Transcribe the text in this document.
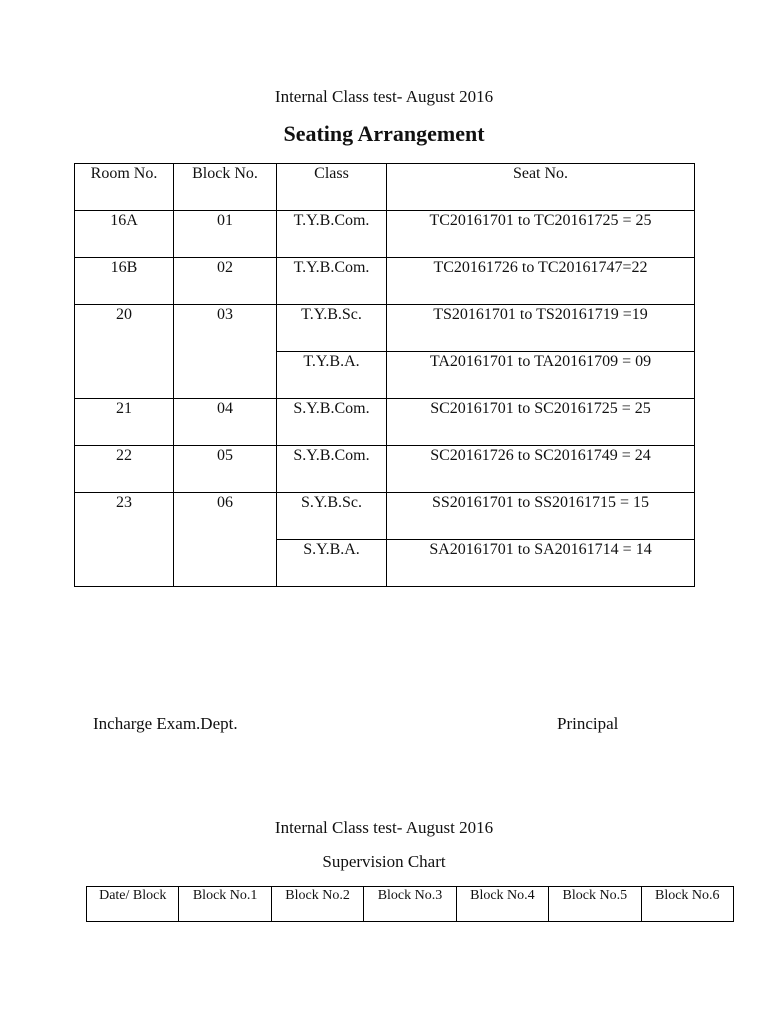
Internal Class test- August 2016
Seating Arrangement
Room No.	Block No.	Class	Seat No.
16A	01	T.Y.B.Com.	TC20161701 to TC20161725 = 25
16B	02	T.Y.B.Com.	TC20161726 to TC20161747=22
20	03	T.Y.B.Sc.	TS20161701 to TS20161719 =19
		T.Y.B.A.	TA20161701 to TA20161709 = 09
21	04	S.Y.B.Com.	SC20161701 to SC20161725 = 25
22	05	S.Y.B.Com.	SC20161726 to SC20161749 = 24
23	06	S.Y.B.Sc.	SS20161701 to SS20161715 = 15
		S.Y.B.A.	SA20161701 to SA20161714 = 14
Incharge Exam.Dept.	Principal
Internal Class test- August 2016
Supervision Chart
Date/ Block	Block No.1	Block No.2	Block No.3	Block No.4	Block No.5	Block No.6
